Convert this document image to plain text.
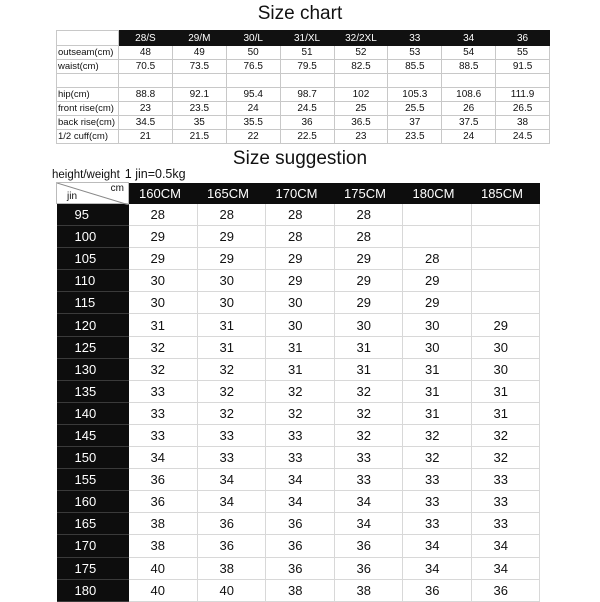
Size chart
	28/S	29/M	30/L	31/XL	32/2XL	33	34	36
outseam(cm)	48	49	50	51	52	53	54	55
waist(cm)	70.5	73.5	76.5	79.5	82.5	85.5	88.5	91.5

hip(cm)	88.8	92.1	95.4	98.7	102	105.3	108.6	111.9
front rise(cm)	23	23.5	24	24.5	25	25.5	26	26.5
back rise(cm)	34.5	35	35.5	36	36.5	37	37.5	38
1/2 cuff(cm)	21	21.5	22	22.5	23	23.5	24	24.5
Size suggestion
height/weight 1 jin=0.5kg
cm
jin	160CM	165CM	170CM	175CM	180CM	185CM
95	28	28	28	28		
100	29	29	28	28		
105	29	29	29	29	28	
110	30	30	29	29	29	
115	30	30	30	29	29	
120	31	31	30	30	30	29
125	32	31	31	31	30	30
130	32	32	31	31	31	30
135	33	32	32	32	31	31
140	33	32	32	32	31	31
145	33	33	33	32	32	32
150	34	33	33	33	32	32
155	36	34	34	33	33	33
160	36	34	34	34	33	33
165	38	36	36	34	33	33
170	38	36	36	36	34	34
175	40	38	36	36	34	34
180	40	40	38	38	36	36
